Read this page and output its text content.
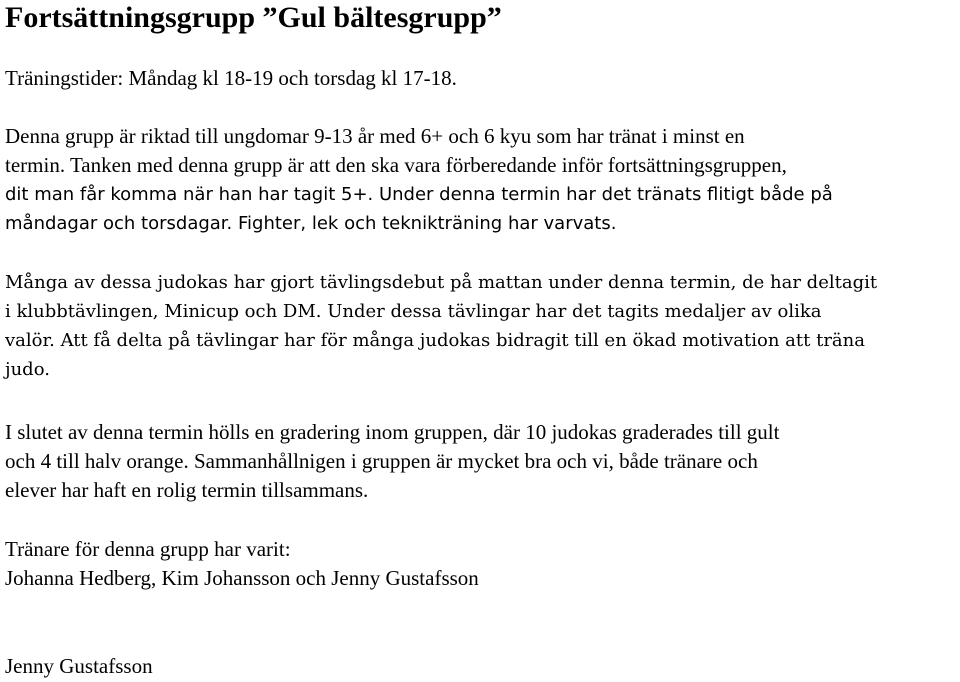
Fortsättningsgrupp ”Gul bältesgrupp”

Träningstider: Måndag kl 18-19 och torsdag kl 17-18.

Denna grupp är riktad till ungdomar 9-13 år med 6+ och 6 kyu som har tränat i minst en
termin. Tanken med denna grupp är att den ska vara förberedande inför fortsättningsgruppen,
dit man får komma när han har tagit 5+. Under denna termin har det tränats flitigt både på
måndagar och torsdagar. Fighter, lek och teknikträning har varvats.

Många av dessa judokas har gjort tävlingsdebut på mattan under denna termin, de har deltagit
i klubbtävlingen, Minicup och DM. Under dessa tävlingar har det tagits medaljer av olika
valör. Att få delta på tävlingar har för många judokas bidragit till en ökad motivation att träna
judo.

I slutet av denna termin hölls en gradering inom gruppen, där 10 judokas graderades till gult
och 4 till halv orange. Sammanhållnigen i gruppen är mycket bra och vi, både tränare och
elever har haft en rolig termin tillsammans.

Tränare för denna grupp har varit:
Johanna Hedberg, Kim Johansson och Jenny Gustafsson

Jenny Gustafsson
